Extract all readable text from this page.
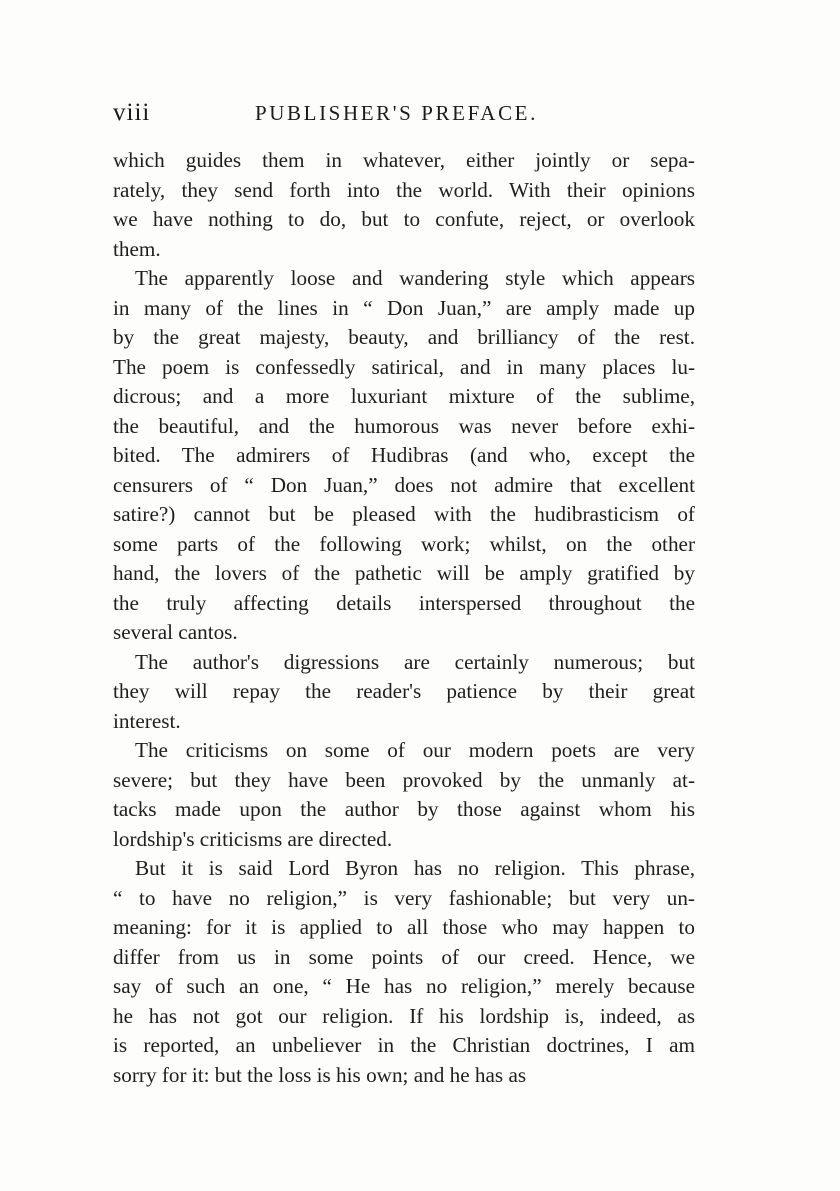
viii	PUBLISHER'S PREFACE.
which guides them in whatever, either jointly or sepa-
rately, they send forth into the world. With their opinions
we have nothing to do, but to confute, reject, or overlook
them.
The apparently loose and wandering style which appears
in many of the lines in “ Don Juan,” are amply made up
by the great majesty, beauty, and brilliancy of the rest.
The poem is confessedly satirical, and in many places lu-
dicrous; and a more luxuriant mixture of the sublime,
the beautiful, and the humorous was never before exhi-
bited. The admirers of Hudibras (and who, except the
censurers of “ Don Juan,” does not admire that excellent
satire?) cannot but be pleased with the hudibrasticism of
some parts of the following work; whilst, on the other
hand, the lovers of the pathetic will be amply gratified by
the truly affecting details interspersed throughout the
several cantos.
The author's digressions are certainly numerous; but
they will repay the reader's patience by their great
interest.
The criticisms on some of our modern poets are very
severe; but they have been provoked by the unmanly at-
tacks made upon the author by those against whom his
lordship's criticisms are directed.
But it is said Lord Byron has no religion. This phrase,
“ to have no religion,” is very fashionable; but very un-
meaning: for it is applied to all those who may happen to
differ from us in some points of our creed. Hence, we
say of such an one, “ He has no religion,” merely because
he has not got our religion. If his lordship is, indeed, as
is reported, an unbeliever in the Christian doctrines, I am
sorry for it: but the loss is his own; and he has as
